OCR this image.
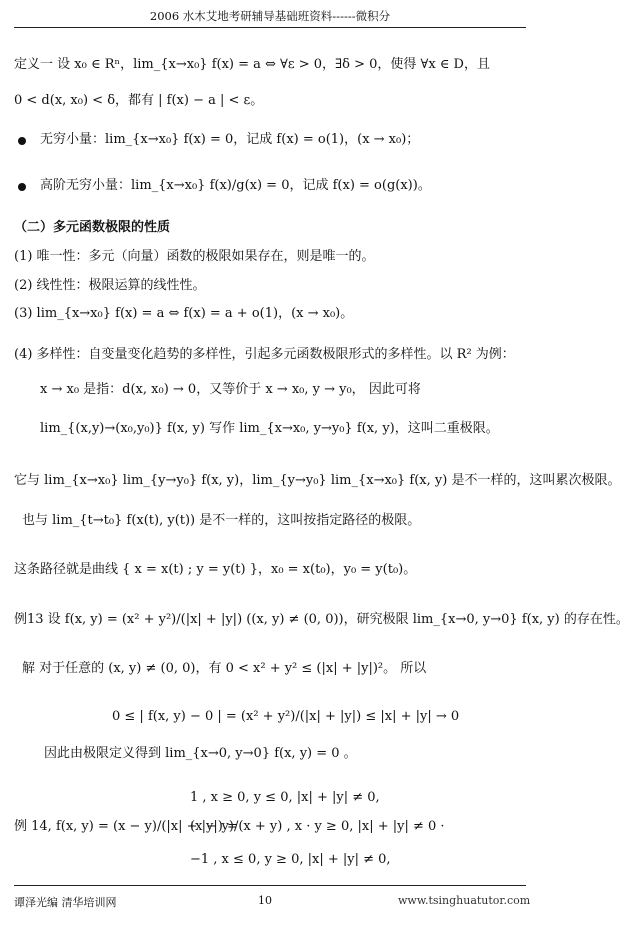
2006 水木艾地考研辅导基础班资料------微积分
定义一 设 x₀ ∈ Rⁿ，lim_{x→x₀} f(x) = a ⇔ ∀ε > 0，∃δ > 0，使得 ∀x ∈ D，且
0 < d(x, x₀) < δ，都有 | f(x) − a | < ε。
无穷小量：lim_{x→x₀} f(x) = 0，记成 f(x) = o(1)，(x → x₀)；
高阶无穷小量：lim_{x→x₀} f(x)/g(x) = 0，记成 f(x) = o(g(x))。
（二）多元函数极限的性质
(1) 唯一性：多元（向量）函数的极限如果存在，则是唯一的。
(2) 线性性：极限运算的线性性。
(3) lim_{x→x₀} f(x) = a ⇔ f(x) = a + o(1)，(x → x₀)。
(4) 多样性：自变量变化趋势的多样性，引起多元函数极限形式的多样性。以 R² 为例：
x → x₀ 是指：d(x, x₀) → 0，又等价于 x → x₀, y → y₀， 因此可将
lim_{(x,y)→(x₀,y₀)} f(x, y) 写作 lim_{x→x₀, y→y₀} f(x, y)，这叫二重极限。
它与 lim_{x→x₀} lim_{y→y₀} f(x, y)，lim_{y→y₀} lim_{x→x₀} f(x, y) 是不一样的，这叫累次极限。
也与 lim_{t→t₀} f(x(t), y(t)) 是不一样的，这叫按指定路径的极限。
这条路径就是曲线 { x = x(t) ; y = y(t) }，x₀ = x(t₀)，y₀ = y(t₀)。
例13 设 f(x, y) = (x² + y²)/(|x| + |y|) ((x, y) ≠ (0, 0))，研究极限 lim_{x→0, y→0} f(x, y) 的存在性。
解 对于任意的 (x, y) ≠ (0, 0)，有 0 < x² + y² ≤ (|x| + |y|)²。 所以
0 ≤ | f(x, y) − 0 | = (x² + y²)/(|x| + |y|) ≤ |x| + |y| → 0
因此由极限定义得到 lim_{x→0, y→0} f(x, y) = 0 。
例 14, f(x, y) = (x − y)/(|x| + |y|) =
1 , x ≥ 0, y ≤ 0, |x| + |y| ≠ 0,
(x − y)/(x + y) , x · y ≥ 0, |x| + |y| ≠ 0 ·
−1 , x ≤ 0, y ≥ 0, |x| + |y| ≠ 0,
谭泽光编 清华培训网	10	www.tsinghuatutor.com
